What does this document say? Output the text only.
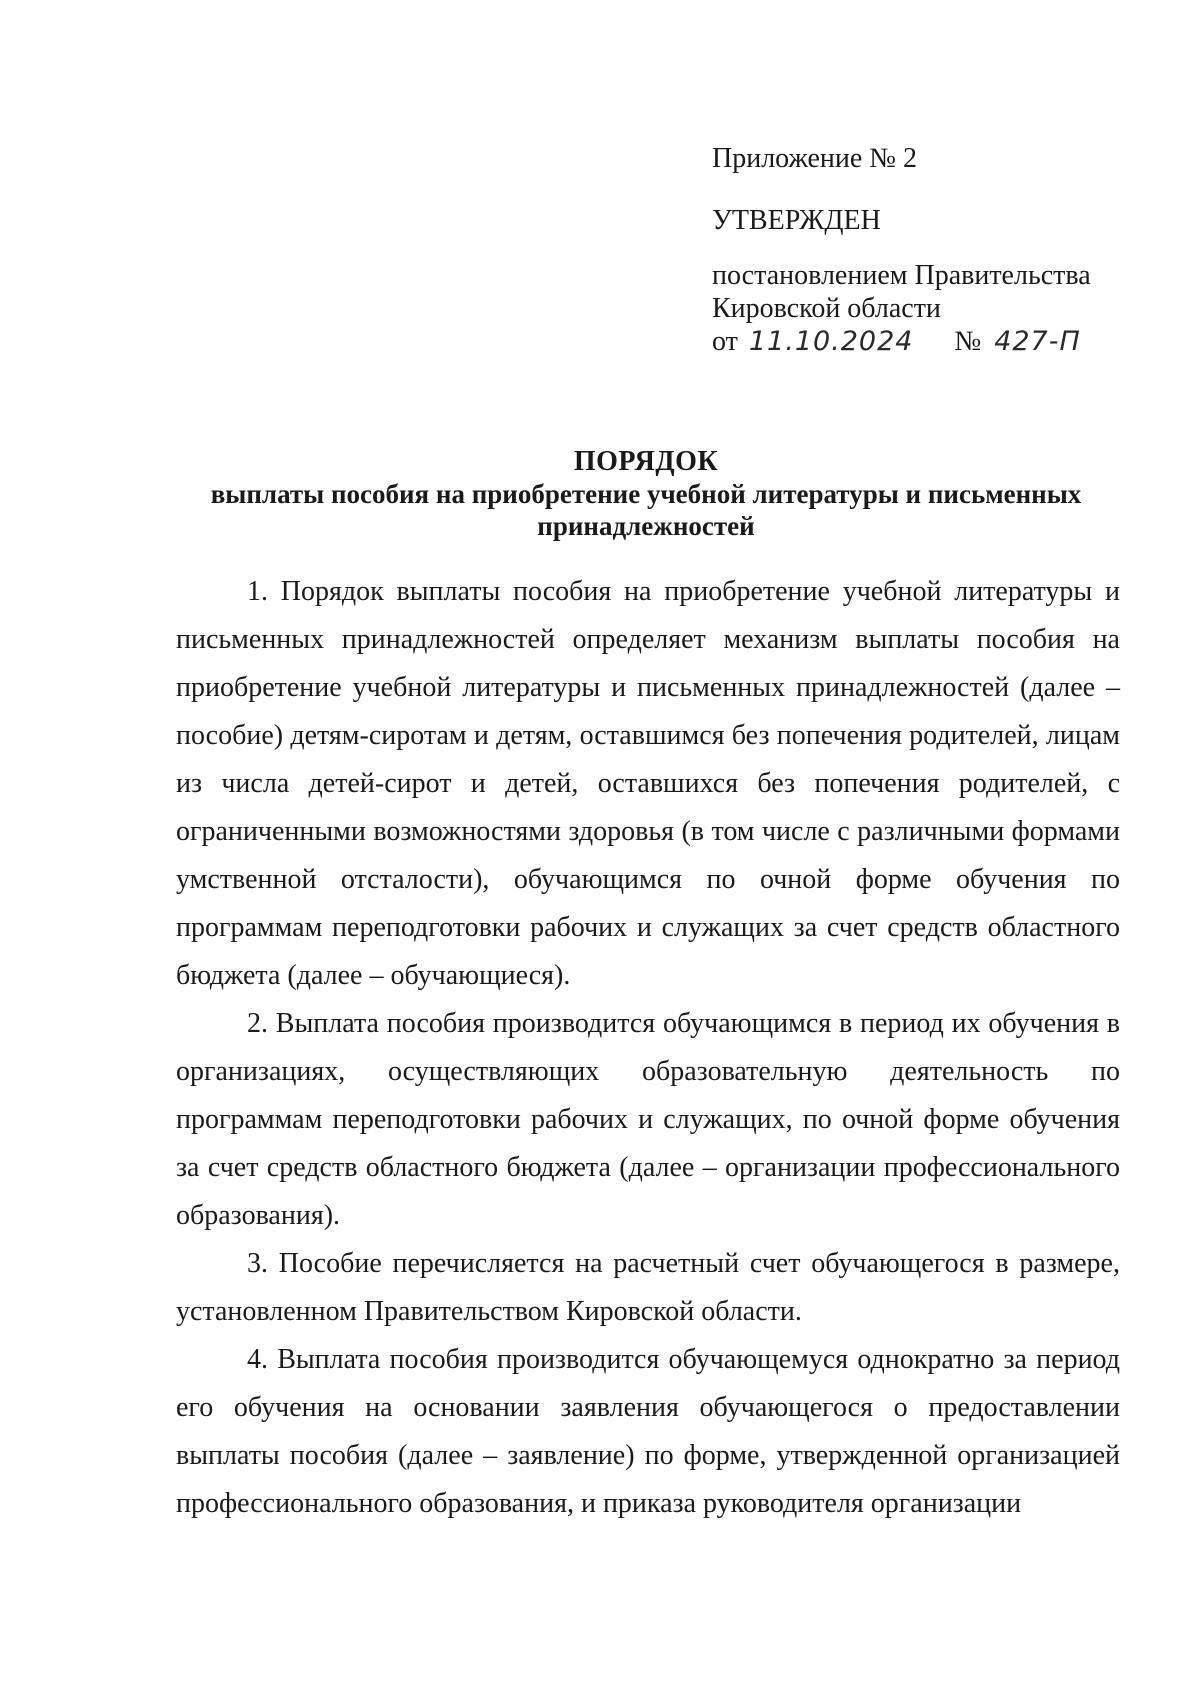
Приложение № 2
УТВЕРЖДЕН
постановлением Правительства
Кировской области
от 11.10.2024 № 427-П
ПОРЯДОК
выплаты пособия на приобретение учебной литературы и письменных принадлежностей

1. Порядок выплаты пособия на приобретение учебной литературы и письменных принадлежностей определяет механизм выплаты пособия на приобретение учебной литературы и письменных принадлежностей (далее – пособие) детям-сиротам и детям, оставшимся без попечения родителей, лицам из числа детей-сирот и детей, оставшихся без попечения родителей, с ограниченными возможностями здоровья (в том числе с различными формами умственной отсталости), обучающимся по очной форме обучения по программам переподготовки рабочих и служащих за счет средств областного бюджета (далее – обучающиеся).

2. Выплата пособия производится обучающимся в период их обучения в организациях, осуществляющих образовательную деятельность по программам переподготовки рабочих и служащих, по очной форме обучения за счет средств областного бюджета (далее – организации профессионального образования).

3. Пособие перечисляется на расчетный счет обучающегося в размере, установленном Правительством Кировской области.

4. Выплата пособия производится обучающемуся однократно за период его обучения на основании заявления обучающегося о предоставлении выплаты пособия (далее – заявление) по форме, утвержденной организацией профессионального образования, и приказа руководителя организации
